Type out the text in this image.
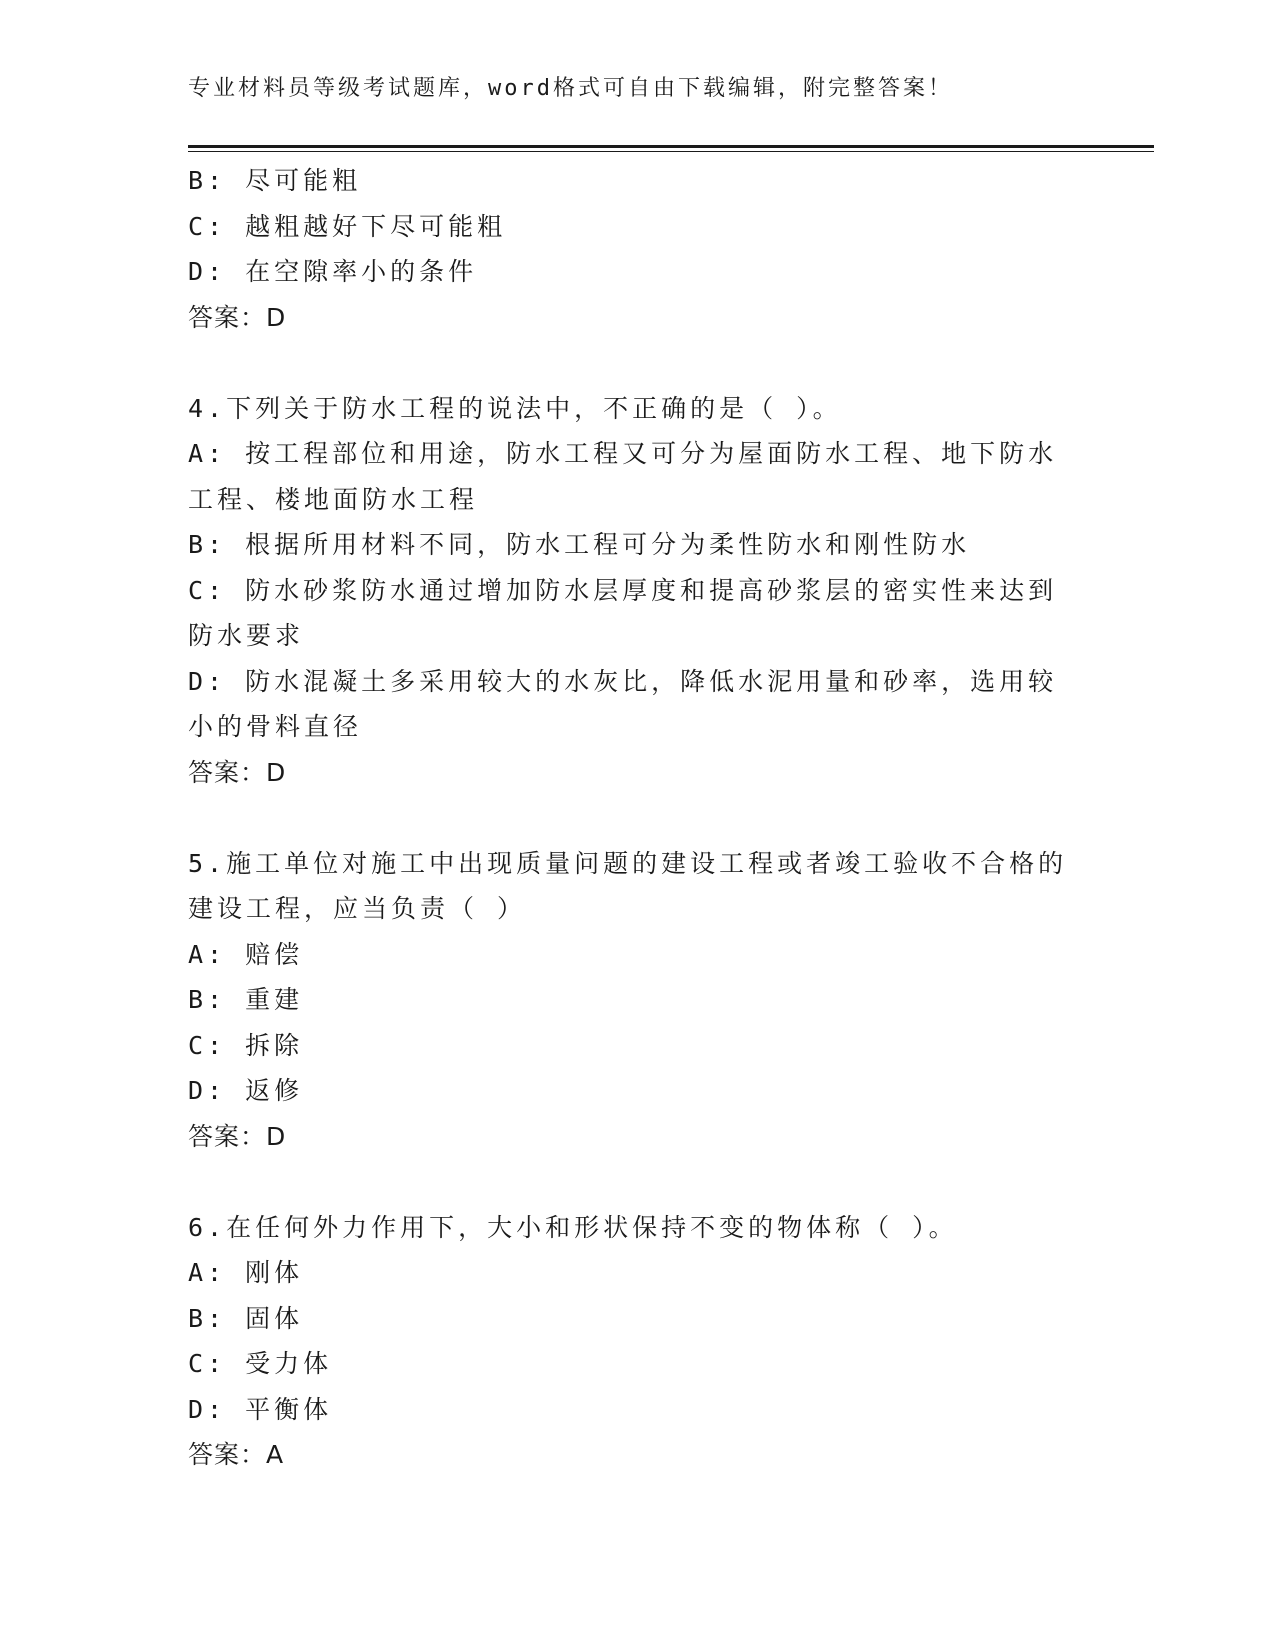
专业材料员等级考试题库，word格式可自由下载编辑，附完整答案！
B: 尽可能粗
C: 越粗越好下尽可能粗
D: 在空隙率小的条件
答案：D
4.下列关于防水工程的说法中，不正确的是（ ）。
A: 按工程部位和用途，防水工程又可分为屋面防水工程、地下防水工程、楼地面防水工程
B: 根据所用材料不同，防水工程可分为柔性防水和刚性防水
C: 防水砂浆防水通过增加防水层厚度和提高砂浆层的密实性来达到防水要求
D: 防水混凝土多采用较大的水灰比，降低水泥用量和砂率，选用较小的骨料直径
答案：D
5.施工单位对施工中出现质量问题的建设工程或者竣工验收不合格的建设工程，应当负责（ ）
A: 赔偿
B: 重建
C: 拆除
D: 返修
答案：D
6.在任何外力作用下，大小和形状保持不变的物体称（ ）。
A: 刚体
B: 固体
C: 受力体
D: 平衡体
答案：A
